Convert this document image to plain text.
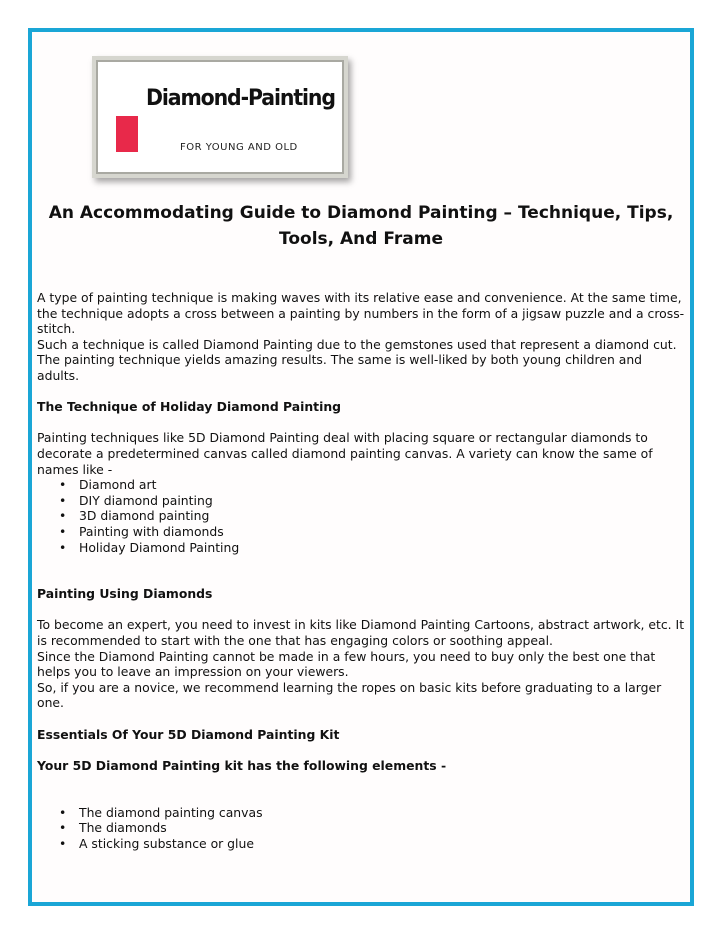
Diamond-Painting
FOR YOUNG AND OLD
An Accommodating Guide to Diamond Painting – Technique, Tips, Tools, And Frame

A type of painting technique is making waves with its relative ease and convenience. At the same time, the technique adopts a cross between a painting by numbers in the form of a jigsaw puzzle and a cross-stitch.

Such a technique is called Diamond Painting due to the gemstones used that represent a diamond cut. The painting technique yields amazing results. The same is well-liked by both young children and adults.

The Technique of Holiday Diamond Painting

Painting techniques like 5D Diamond Painting deal with placing square or rectangular diamonds to decorate a predetermined canvas called diamond painting canvas. A variety can know the same of names like -

• Diamond art
• DIY diamond painting
• 3D diamond painting
• Painting with diamonds
• Holiday Diamond Painting

Painting Using Diamonds

To become an expert, you need to invest in kits like Diamond Painting Cartoons, abstract artwork, etc. It is recommended to start with the one that has engaging colors or soothing appeal.

Since the Diamond Painting cannot be made in a few hours, you need to buy only the best one that helps you to leave an impression on your viewers.

So, if you are a novice, we recommend learning the ropes on basic kits before graduating to a larger one.

Essentials Of Your 5D Diamond Painting Kit

Your 5D Diamond Painting kit has the following elements -

• The diamond painting canvas
• The diamonds
• A sticking substance or glue
